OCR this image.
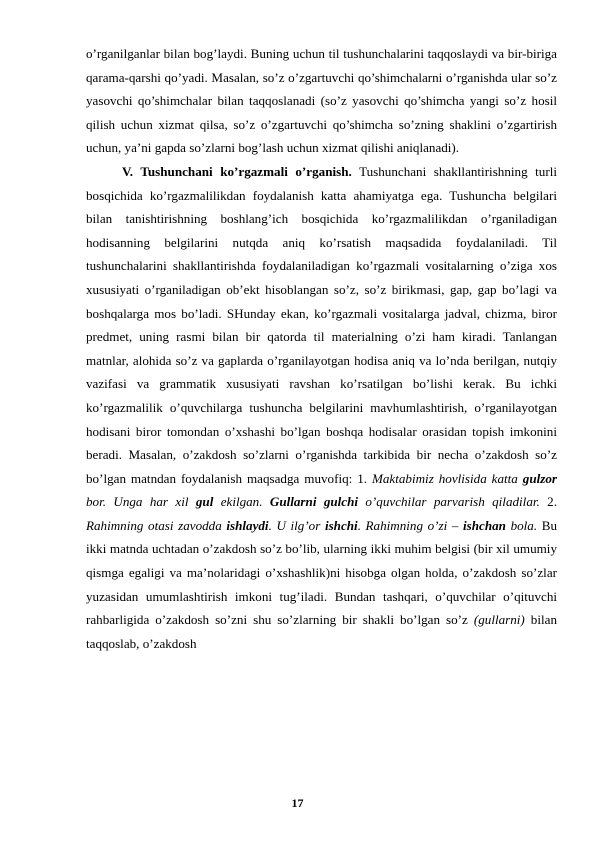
o’rganilganlar bilan bog’laydi. Buning uchun til tushunchalarini taqqoslaydi va bir-biriga qarama-qarshi qo’yadi. Masalan, so’z o’zgartuvchi qo’shimchalarni o’rganishda ular so’z yasovchi qo’shimchalar bilan taqqoslanadi (so’z yasovchi qo’shimcha yangi so’z hosil qilish uchun xizmat qilsa, so’z o’zgartuvchi qo’shimcha so’zning shaklini o’zgartirish uchun, ya’ni gapda so’zlarni bog’lash uchun xizmat qilishi aniqlanadi).

V. Tushunchani ko’rgazmali o’rganish. Tushunchani shakllantirishning turli bosqichida ko’rgazmalilikdan foydalanish katta ahamiyatga ega. Tushuncha belgilari bilan tanishtirishning boshlang’ich bosqichida ko’rgazmalilikdan o’rganiladigan hodisanning belgilarini nutqda aniq ko’rsatish maqsadida foydalaniladi. Til tushunchalarini shakllantirishda foydalaniladigan ko’rgazmali vositalarning o’ziga xos xususiyati o’rganiladigan ob’ekt hisoblangan so’z, so’z birikmasi, gap, gap bo’lagi va boshqalarga mos bo’ladi. SHunday ekan, ko’rgazmali vositalarga jadval, chizma, biror predmet, uning rasmi bilan bir qatorda til materialning o’zi ham kiradi. Tanlangan matnlar, alohida so’z va gaplarda o’rganilayotgan hodisa aniq va lo’nda berilgan, nutqiy vazifasi va grammatik xususiyati ravshan ko’rsatilgan bo’lishi kerak. Bu ichki ko’rgazmalilik o’quvchilarga tushuncha belgilarini mavhumlashtirish, o’rganilayotgan hodisani biror tomondan o’xshashi bo’lgan boshqa hodisalar orasidan topish imkonini beradi. Masalan, o’zakdosh so’zlarni o’rganishda tarkibida bir necha o’zakdosh so’z bo’lgan matndan foydalanish maqsadga muvofiq: 1. Maktabimiz hovlisida katta gulzor bor. Unga har xil gul ekilgan. Gullarni gulchi o’quvchilar parvarish qiladilar. 2. Rahimning otasi zavodda ishlaydi. U ilg’or ishchi. Rahimning o’zi – ishchan bola. Bu ikki matnda uchtadan o’zakdosh so’z bo’lib, ularning ikki muhim belgisi (bir xil umumiy qismga egaligi va ma’nolaridagi o’xshashlik)ni hisobga olgan holda, o’zakdosh so’zlar yuzasidan umumlashtirish imkoni tug’iladi. Bundan tashqari, o’quvchilar o’qituvchi rahbarligida o’zakdosh so’zni shu so’zlarning bir shakli bo’lgan so’z (gullarni) bilan taqqoslab, o’zakdosh

17
